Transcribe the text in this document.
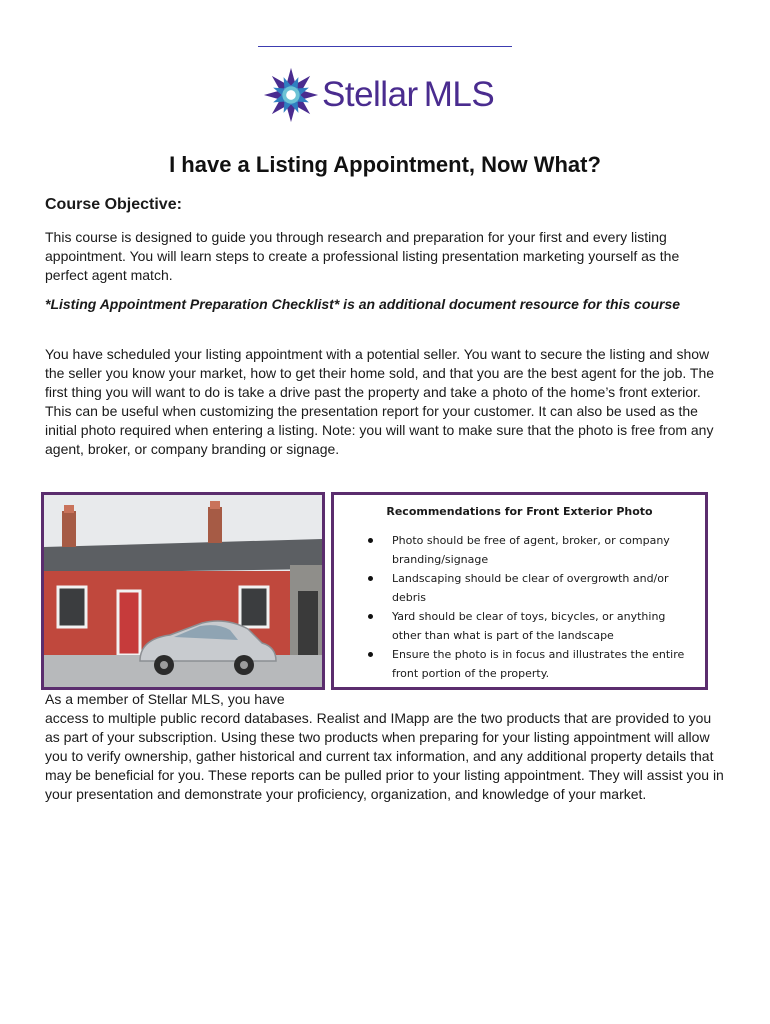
Stellar MLS
I have a Listing Appointment, Now What?

Course Objective:

This course is designed to guide you through research and preparation for your first and every listing appointment. You will learn steps to create a professional listing presentation marketing yourself as the perfect agent match.

*Listing Appointment Preparation Checklist* is an additional document resource for this course

You have scheduled your listing appointment with a potential seller. You want to secure the listing and show the seller you know your market, how to get their home sold, and that you are the best agent for the job. The first thing you will want to do is take a drive past the property and take a photo of the home’s front exterior. This can be useful when customizing the presentation report for your customer. It can also be used as the initial photo required when entering a listing. Note: you will want to make sure that the photo is free from any agent, broker, or company branding or signage.

Recommendations for Front Exterior Photo
Photo should be free of agent, broker, or company branding/signage
Landscaping should be clear of overgrowth and/or debris
Yard should be clear of toys, bicycles, or anything other than what is part of the landscape
Ensure the photo is in focus and illustrates the entire front portion of the property.

As a member of Stellar MLS, you have

access to multiple public record databases. Realist and IMapp are the two products that are provided to you as part of your subscription. Using these two products when preparing for your listing appointment will allow you to verify ownership, gather historical and current tax information, and any additional property details that may be beneficial for you. These reports can be pulled prior to your listing appointment. They will assist you in your presentation and demonstrate your proficiency, organization, and knowledge of your market.
